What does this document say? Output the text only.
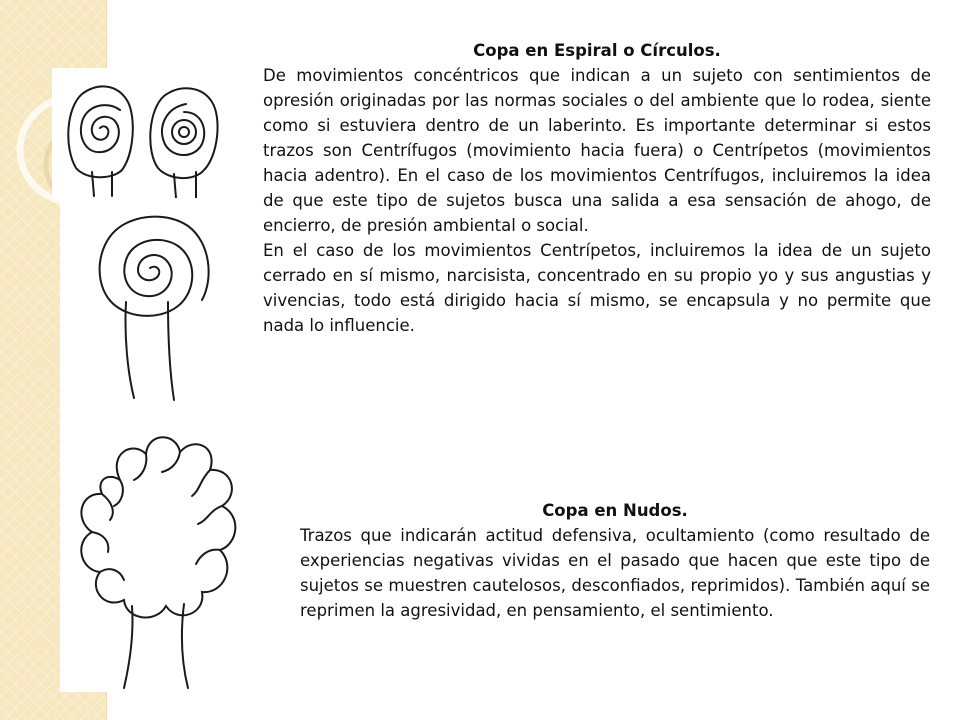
Copa en Espiral o Círculos.

De movimientos concéntricos que indican a un sujeto con sentimientos de opresión originadas por las normas sociales o del ambiente que lo rodea, siente como si estuviera dentro de un laberinto. Es importante determinar si estos trazos son Centrífugos (movimiento hacia fuera) o Centrípetos (movimientos hacia adentro). En el caso de los movimientos Centrífugos, incluiremos la idea de que este tipo de sujetos busca una salida a esa sensación de ahogo, de encierro, de presión ambiental o social.

En el caso de los movimientos Centrípetos, incluiremos la idea de un sujeto cerrado en sí mismo, narcisista, concentrado en su propio yo y sus angustias y vivencias, todo está dirigido hacia sí mismo, se encapsula y no permite que nada lo influencie.

Copa en Nudos.

Trazos que indicarán actitud defensiva, ocultamiento (como resultado de experiencias negativas vividas en el pasado que hacen que este tipo de sujetos se muestren cautelosos, desconfiados, reprimidos). También aquí se reprimen la agresividad, en pensamiento, el sentimiento.
